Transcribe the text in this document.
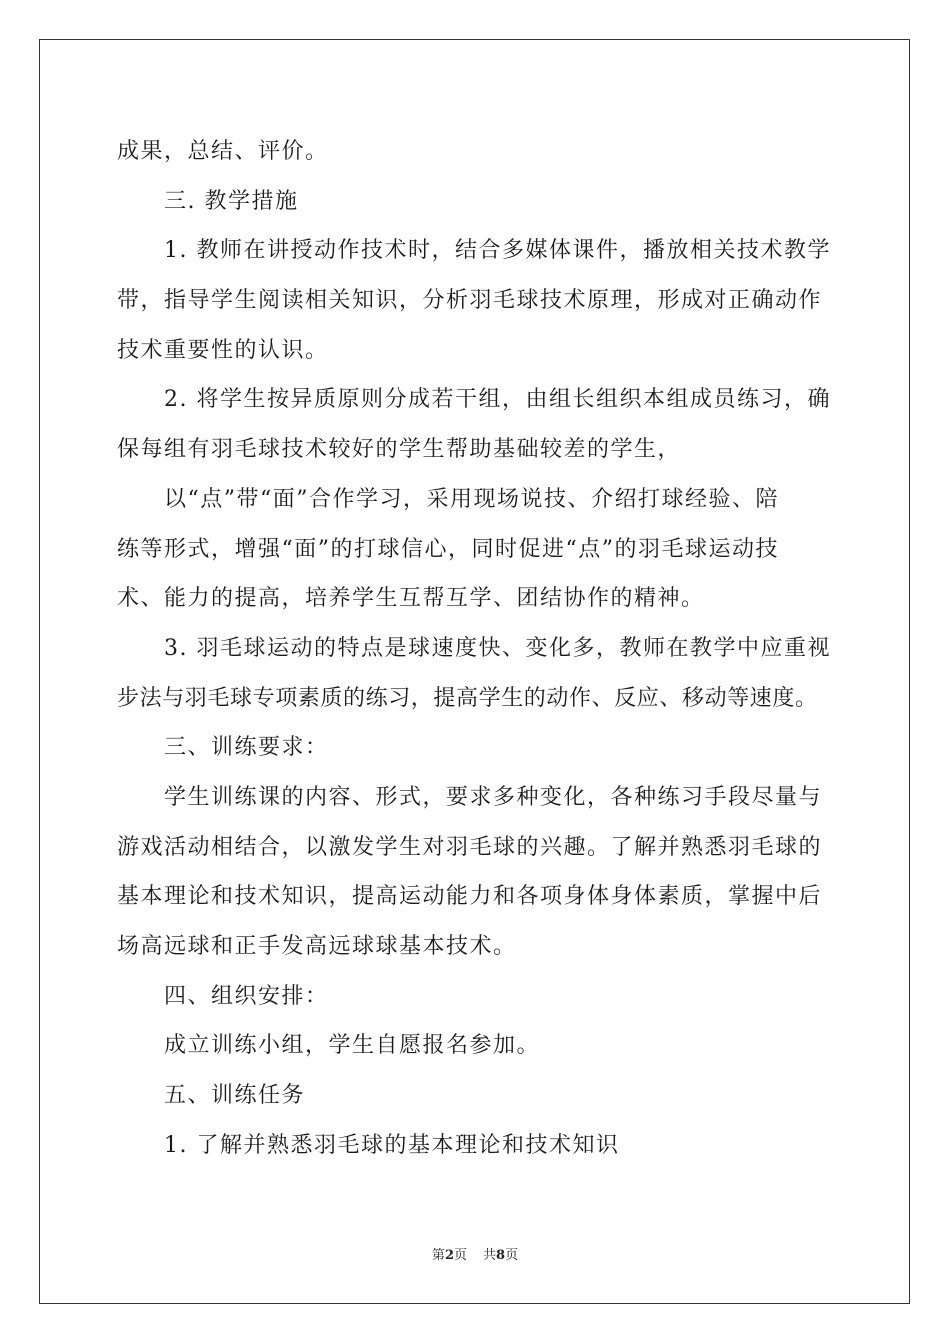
成果，总结、评价。
三. 教学措施
1. 教师在讲授动作技术时，结合多媒体课件，播放相关技术教学
带，指导学生阅读相关知识，分析羽毛球技术原理，形成对正确动作
技术重要性的认识。
2. 将学生按异质原则分成若干组，由组长组织本组成员练习，确
保每组有羽毛球技术较好的学生帮助基础较差的学生，
以“点”带“面”合作学习，采用现场说技、介绍打球经验、陪
练等形式，增强“面”的打球信心，同时促进“点”的羽毛球运动技
术、能力的提高，培养学生互帮互学、团结协作的精神。
3. 羽毛球运动的特点是球速度快、变化多，教师在教学中应重视
步法与羽毛球专项素质的练习，提高学生的动作、反应、移动等速度。
三、训练要求：
学生训练课的内容、形式，要求多种变化，各种练习手段尽量与
游戏活动相结合，以激发学生对羽毛球的兴趣。了解并熟悉羽毛球的
基本理论和技术知识，提高运动能力和各项身体身体素质，掌握中后
场高远球和正手发高远球球基本技术。
四、组织安排：
成立训练小组，学生自愿报名参加。
五、训练任务
1. 了解并熟悉羽毛球的基本理论和技术知识
第2页 共8页
